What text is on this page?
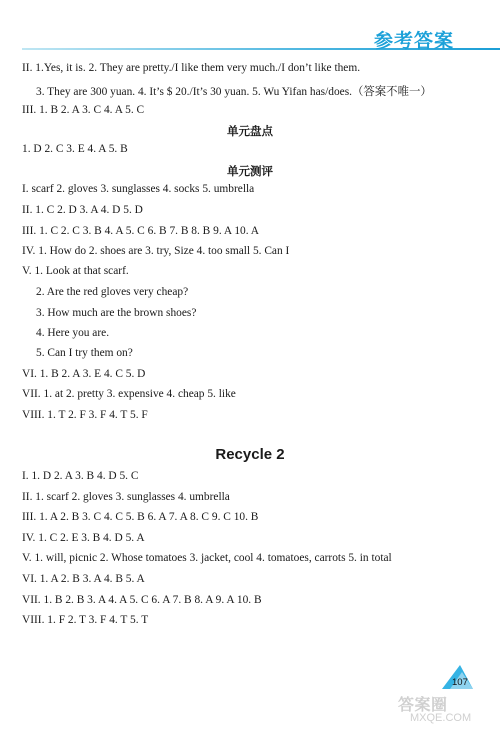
参考答案
II. 1.Yes, it is. 2. They are pretty./I like them very much./I don’t like them.
3. They are 300 yuan. 4. It’s $ 20./It’s 30 yuan. 5. Wu Yifan has/does.（答案不唯一）
III. 1. B 2. A 3. C 4. A 5. C
单元盘点
1. D 2. C 3. E 4. A 5. B
单元测评
I. scarf 2. gloves 3. sunglasses 4. socks 5. umbrella
II. 1. C 2. D 3. A 4. D 5. D
III. 1. C 2. C 3. B 4. A 5. C 6. B 7. B 8. B 9. A 10. A
IV. 1. How do 2. shoes are 3. try, Size 4. too small 5. Can I
V. 1. Look at that scarf.
2. Are the red gloves very cheap?
3. How much are the brown shoes?
4. Here you are.
5. Can I try them on?
VI. 1. B 2. A 3. E 4. C 5. D
VII. 1. at 2. pretty 3. expensive 4. cheap 5. like
VIII. 1. T 2. F 3. F 4. T 5. F
Recycle 2
I. 1. D 2. A 3. B 4. D 5. C
II. 1. scarf 2. gloves 3. sunglasses 4. umbrella
III. 1. A 2. B 3. C 4. C 5. B 6. A 7. A 8. C 9. C 10. B
IV. 1. C 2. E 3. B 4. D 5. A
V. 1. will, picnic 2. Whose tomatoes 3. jacket, cool 4. tomatoes, carrots 5. in total
VI. 1. A 2. B 3. A 4. B 5. A
VII. 1. B 2. B 3. A 4. A 5. C 6. A 7. B 8. A 9. A 10. B
VIII. 1. F 2. T 3. F 4. T 5. T
107
答案圈
MXQE.COM
